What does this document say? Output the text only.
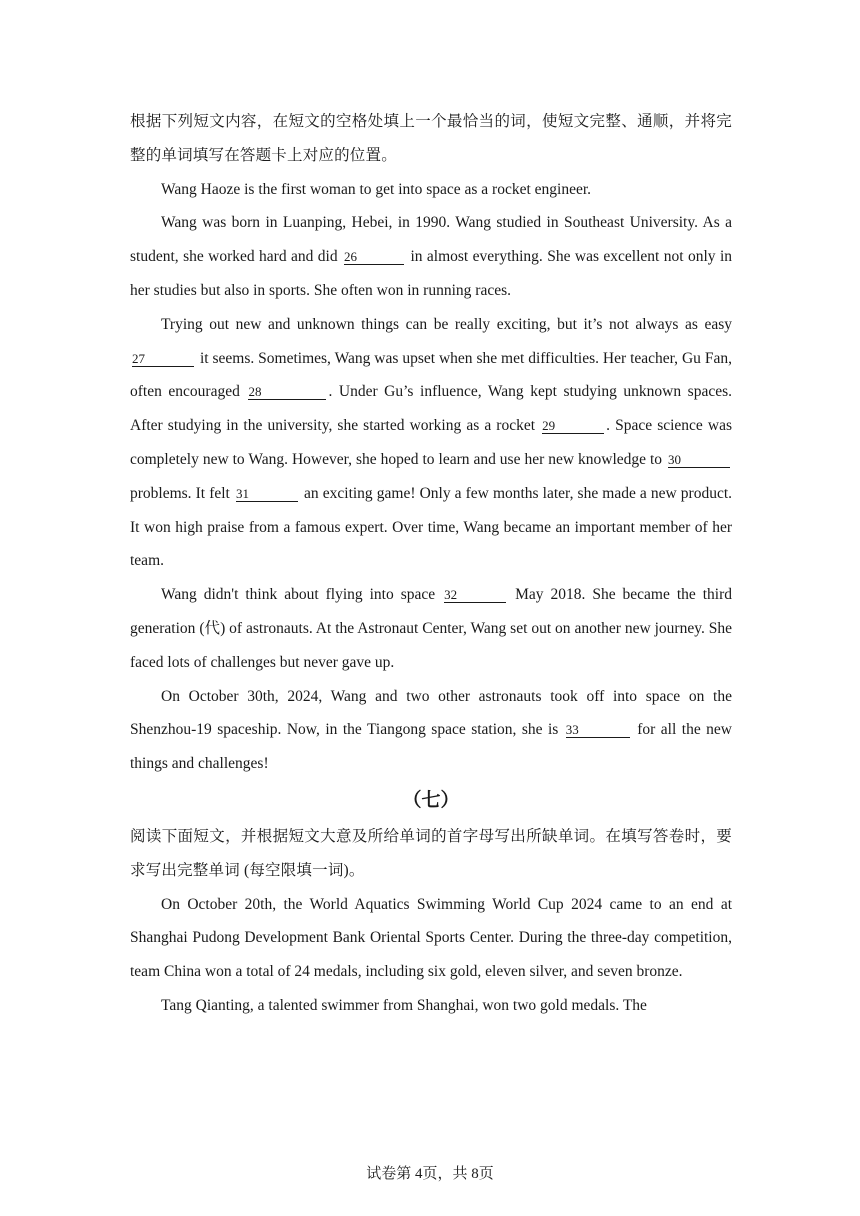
根据下列短文内容，在短文的空格处填上一个最恰当的词，使短文完整、通顺，并将完整的单词填写在答题卡上对应的位置。

Wang Haoze is the first woman to get into space as a rocket engineer.

Wang was born in Luanping, Hebei, in 1990. Wang studied in Southeast University. As a student, she worked hard and did 26	in almost everything. She was excellent not only in her studies but also in sports. She often won in running races.

Trying out new and unknown things can be really exciting, but it’s not always as easy 27	it seems. Sometimes, Wang was upset when she met difficulties. Her teacher, Gu Fan, often encouraged 28	. Under Gu’s influence, Wang kept studying unknown spaces. After studying in the university, she started working as a rocket 29	. Space science was completely new to Wang. However, she hoped to learn and use her new knowledge to 30 problems. It felt 31	an exciting game! Only a few months later, she made a new product. It won high praise from a famous expert. Over time, Wang became an important member of her team.

Wang didn't think about flying into space 32	May 2018. She became the third generation (代) of astronauts. At the Astronaut Center, Wang set out on another new journey. She faced lots of challenges but never gave up.

On October 30th, 2024, Wang and two other astronauts took off into space on the Shenzhou-19 spaceship. Now, in the Tiangong space station, she is 33	for all the new things and challenges!

（七）

阅读下面短文，并根据短文大意及所给单词的首字母写出所缺单词。在填写答卷时，要求写出完整单词 (每空限填一词)。

On October 20th, the World Aquatics Swimming World Cup 2024 came to an end at Shanghai Pudong Development Bank Oriental Sports Center. During the three-day competition, team China won a total of 24 medals, including six gold, eleven silver, and seven bronze.

Tang Qianting, a talented swimmer from Shanghai, won two gold medals. The

试卷第 4页，共 8页
